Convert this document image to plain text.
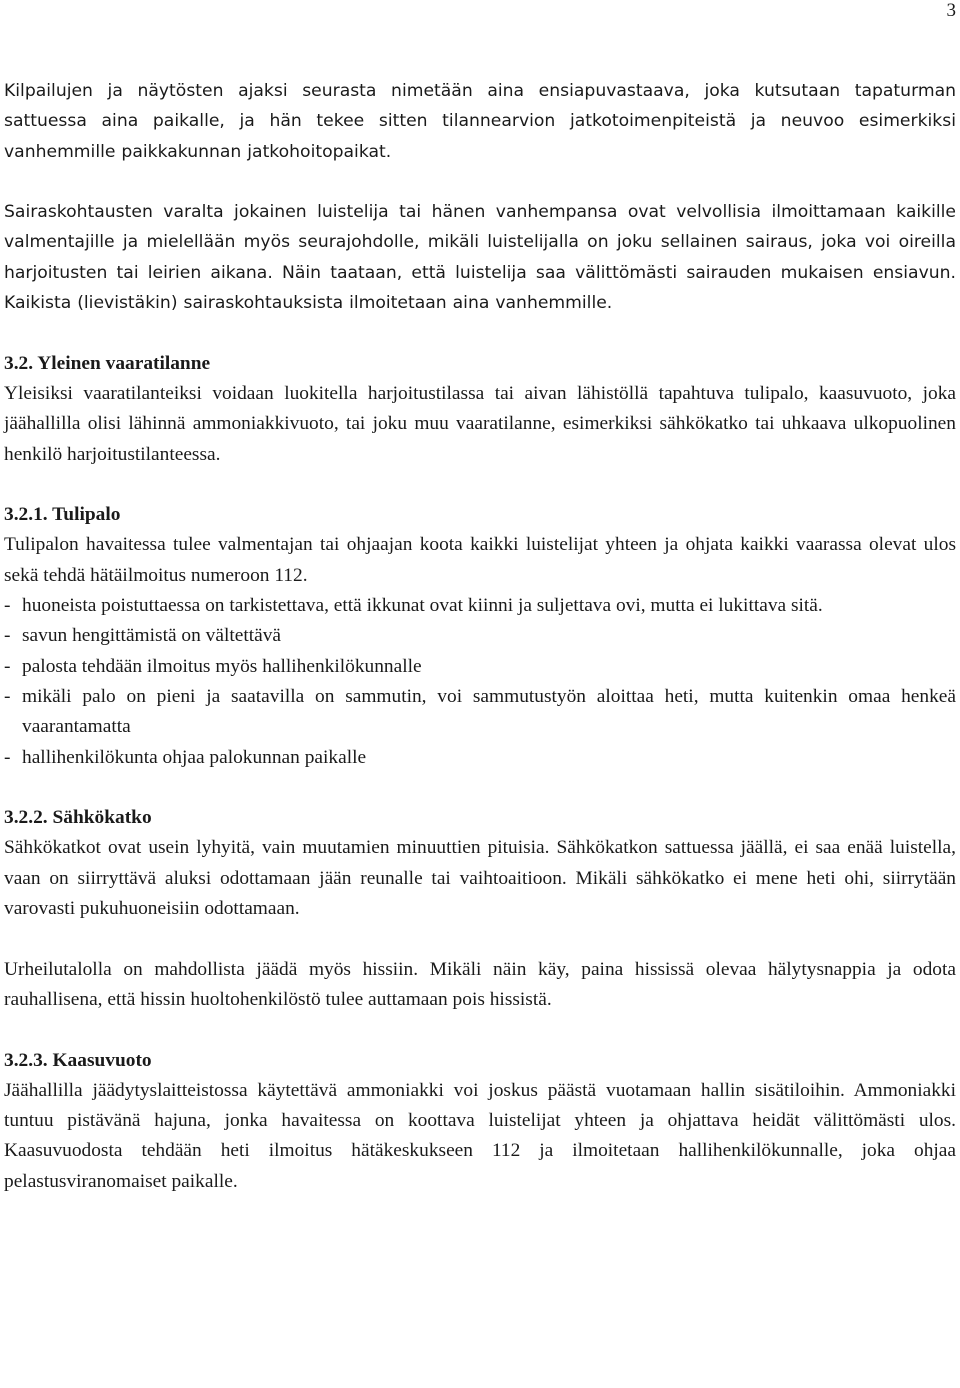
3

Kilpailujen ja näytösten ajaksi seurasta nimetään aina ensiapuvastaava, joka kutsutaan tapaturman sattuessa aina paikalle, ja hän tekee sitten tilannearvion jatkotoimenpiteistä ja neuvoo esimerkiksi vanhemmille paikkakunnan jatkohoitopaikat.

Sairaskohtausten varalta jokainen luistelija tai hänen vanhempansa ovat velvollisia ilmoittamaan kaikille valmentajille ja mielellään myös seurajohdolle, mikäli luistelijalla on joku sellainen sairaus, joka voi oireilla harjoitusten tai leirien aikana. Näin taataan, että luistelija saa välittömästi sairauden mukaisen ensiavun. Kaikista (lievistäkin) sairaskohtauksista ilmoitetaan aina vanhemmille.

3.2. Yleinen vaaratilanne

Yleisiksi vaaratilanteiksi voidaan luokitella harjoitustilassa tai aivan lähistöllä tapahtuva tulipalo, kaasuvuoto, joka jäähallilla olisi lähinnä ammoniakkivuoto, tai joku muu vaaratilanne, esimerkiksi sähkökatko tai uhkaava ulkopuolinen henkilö harjoitustilanteessa.

3.2.1. Tulipalo

Tulipalon havaitessa tulee valmentajan tai ohjaajan koota kaikki luistelijat yhteen ja ohjata kaikki vaarassa olevat ulos sekä tehdä hätäilmoitus numeroon 112.

- huoneista poistuttaessa on tarkistettava, että ikkunat ovat kiinni ja suljettava ovi, mutta ei lukittava sitä.
- savun hengittämistä on vältettävä
- palosta tehdään ilmoitus myös hallihenkilökunnalle
- mikäli palo on pieni ja saatavilla on sammutin, voi sammutustyön aloittaa heti, mutta kuitenkin omaa henkeä vaarantamatta
- hallihenkilökunta ohjaa palokunnan paikalle

3.2.2. Sähkökatko

Sähkökatkot ovat usein lyhyitä, vain muutamien minuuttien pituisia. Sähkökatkon sattuessa jäällä, ei saa enää luistella, vaan on siirryttävä aluksi odottamaan jään reunalle tai vaihtoaitioon. Mikäli sähkökatko ei mene heti ohi, siirrytään varovasti pukuhuoneisiin odottamaan.

Urheilutalolla on mahdollista jäädä myös hissiin. Mikäli näin käy, paina hississä olevaa hälytysnappia ja odota rauhallisena, että hissin huoltohenkilöstö tulee auttamaan pois hissistä.

3.2.3. Kaasuvuoto

Jäähallilla jäädytyslaitteistossa käytettävä ammoniakki voi joskus päästä vuotamaan hallin sisätiloihin. Ammoniakki tuntuu pistävänä hajuna, jonka havaitessa on koottava luistelijat yhteen ja ohjattava heidät välittömästi ulos. Kaasuvuodosta tehdään heti ilmoitus hätäkeskukseen 112 ja ilmoitetaan hallihenkilökunnalle, joka ohjaa pelastusviranomaiset paikalle.
